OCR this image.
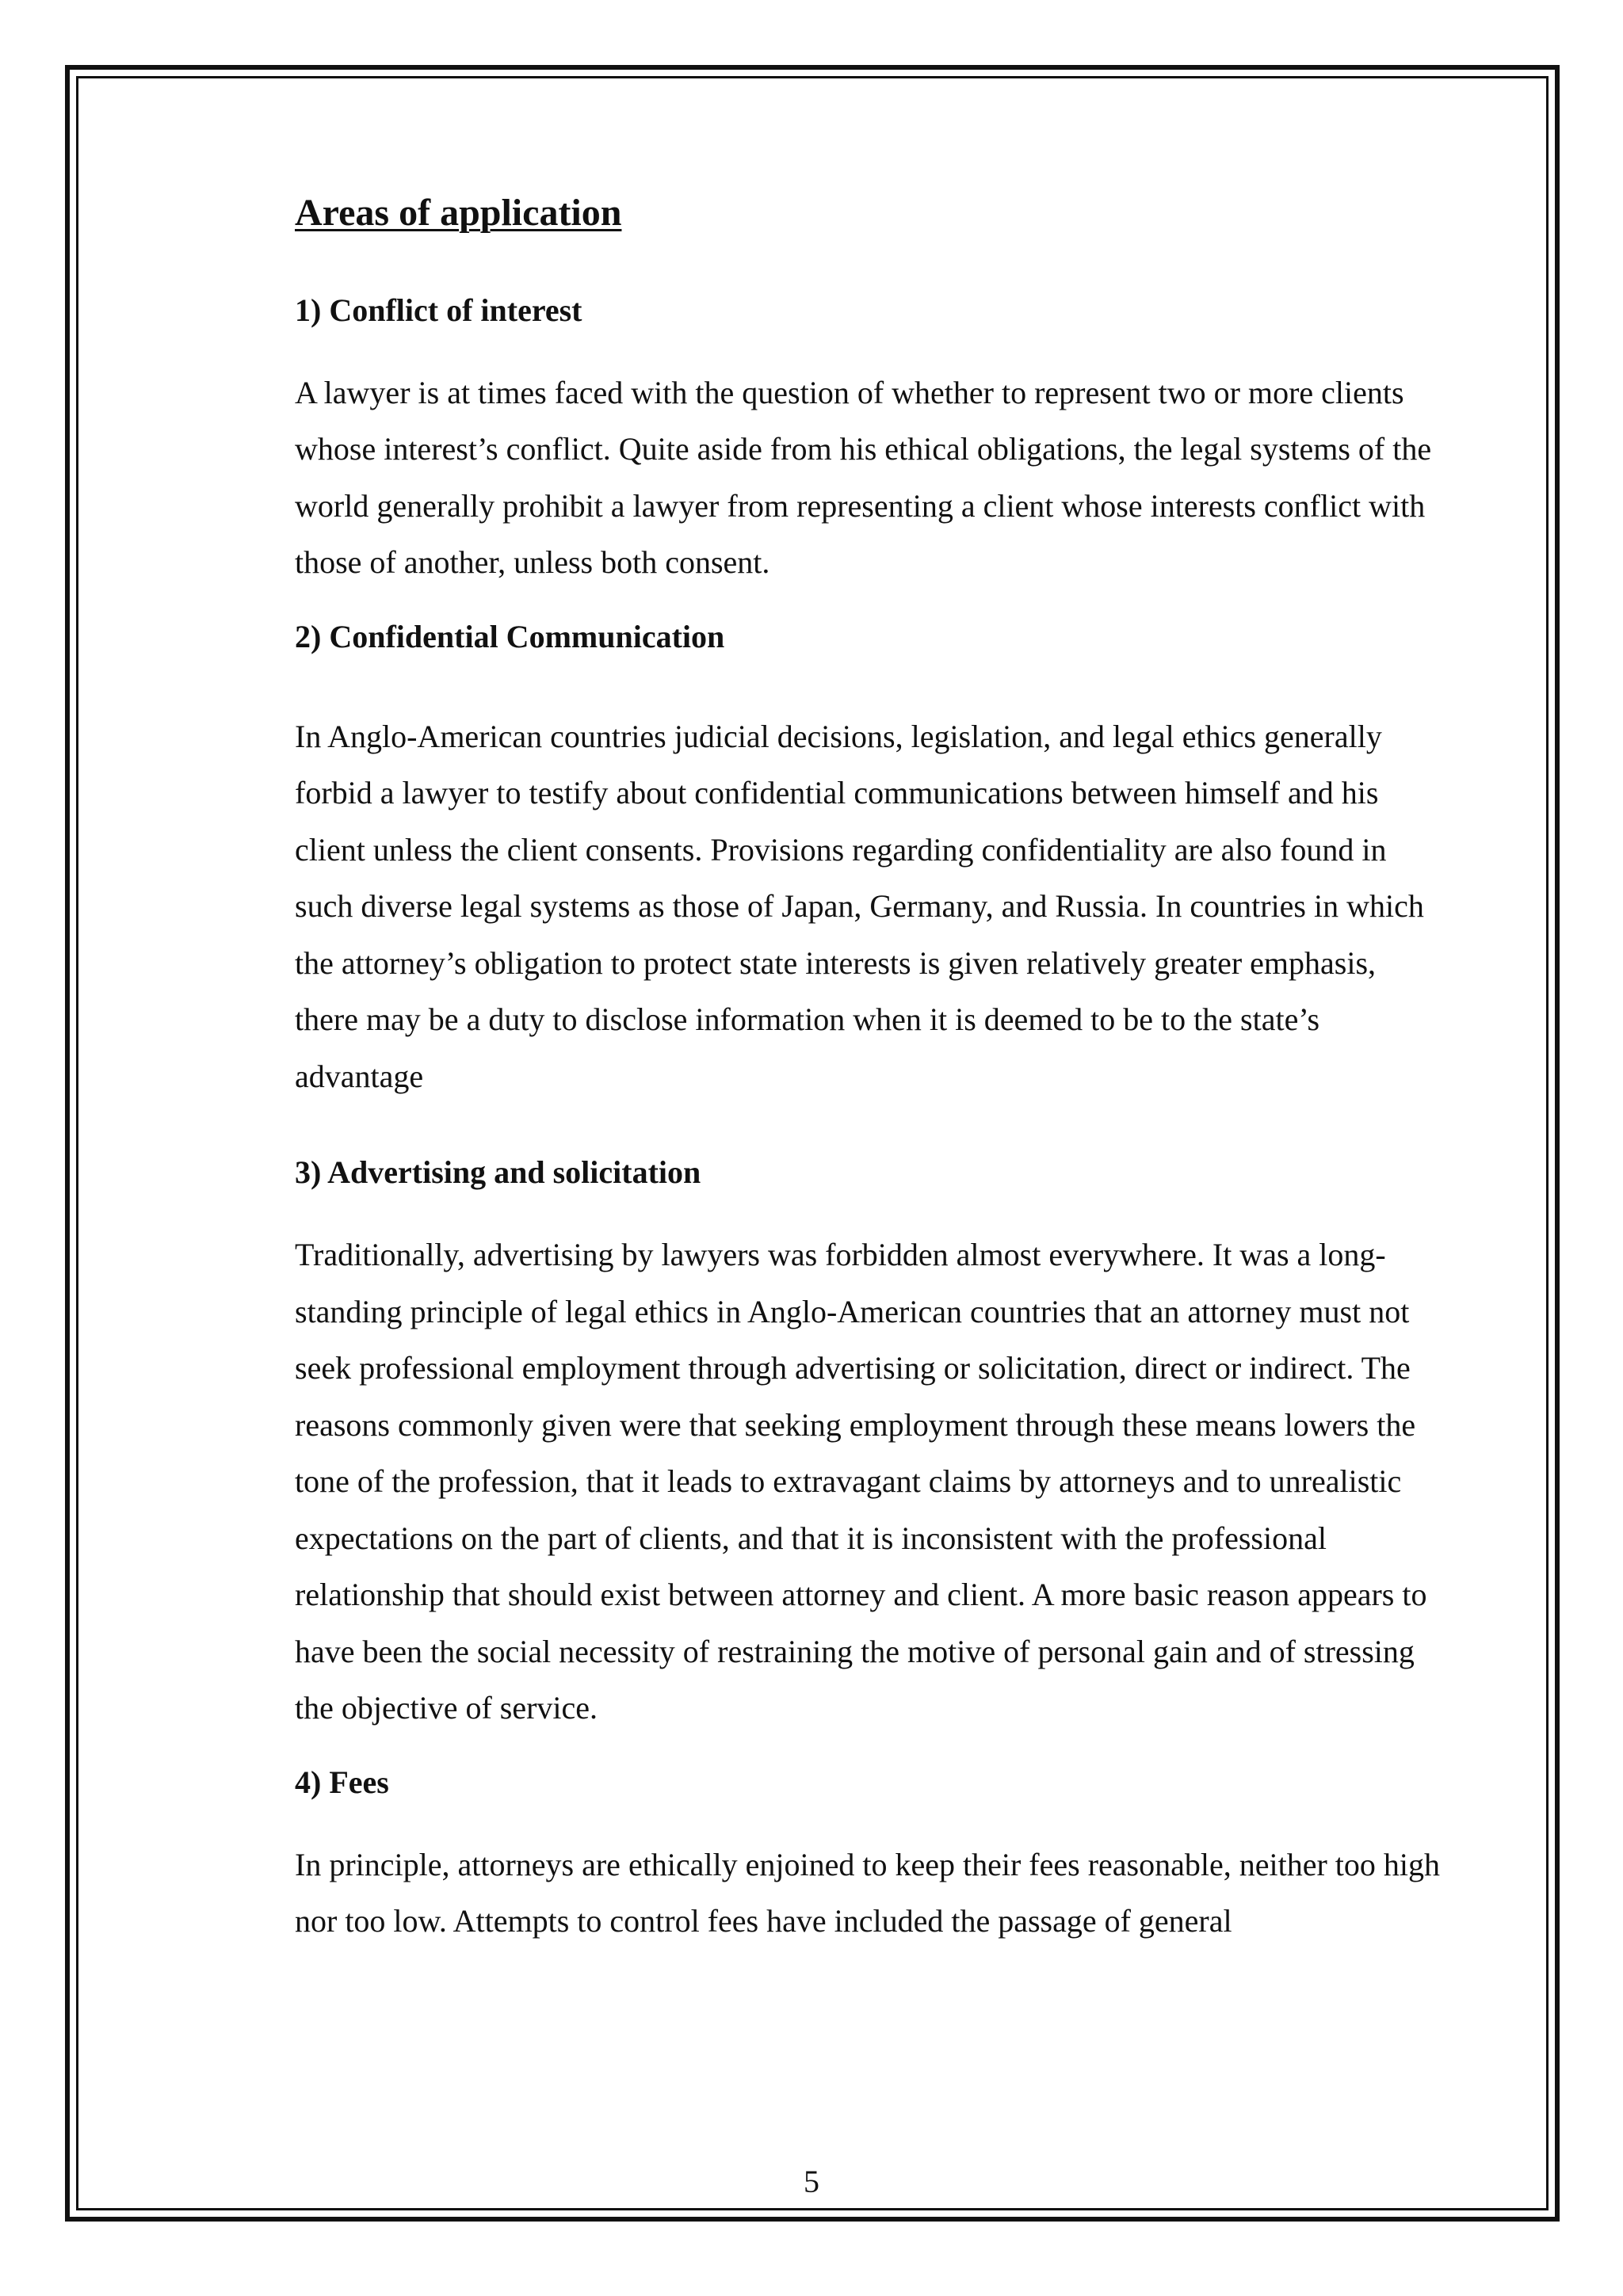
Areas of application
1) Conflict of interest

A lawyer is at times faced with the question of whether to represent two or more clients whose interest’s conflict. Quite aside from his ethical obligations, the legal systems of the world generally prohibit a lawyer from representing a client whose interests conflict with those of another, unless both consent.

2) Confidential Communication

In Anglo-American countries judicial decisions, legislation, and legal ethics generally forbid a lawyer to testify about confidential communications between himself and his client unless the client consents. Provisions regarding confidentiality are also found in such diverse legal systems as those of Japan, Germany, and Russia. In countries in which the attorney’s obligation to protect state interests is given relatively greater emphasis, there may be a duty to disclose information when it is deemed to be to the state’s advantage

3) Advertising and solicitation

Traditionally, advertising by lawyers was forbidden almost everywhere. It was a long-standing principle of legal ethics in Anglo-American countries that an attorney must not seek professional employment through advertising or solicitation, direct or indirect. The reasons commonly given were that seeking employment through these means lowers the tone of the profession, that it leads to extravagant claims by attorneys and to unrealistic expectations on the part of clients, and that it is inconsistent with the professional relationship that should exist between attorney and client. A more basic reason appears to have been the social necessity of restraining the motive of personal gain and of stressing the objective of service.

4) Fees

In principle, attorneys are ethically enjoined to keep their fees reasonable, neither too high nor too low. Attempts to control fees have included the passage of general

5
